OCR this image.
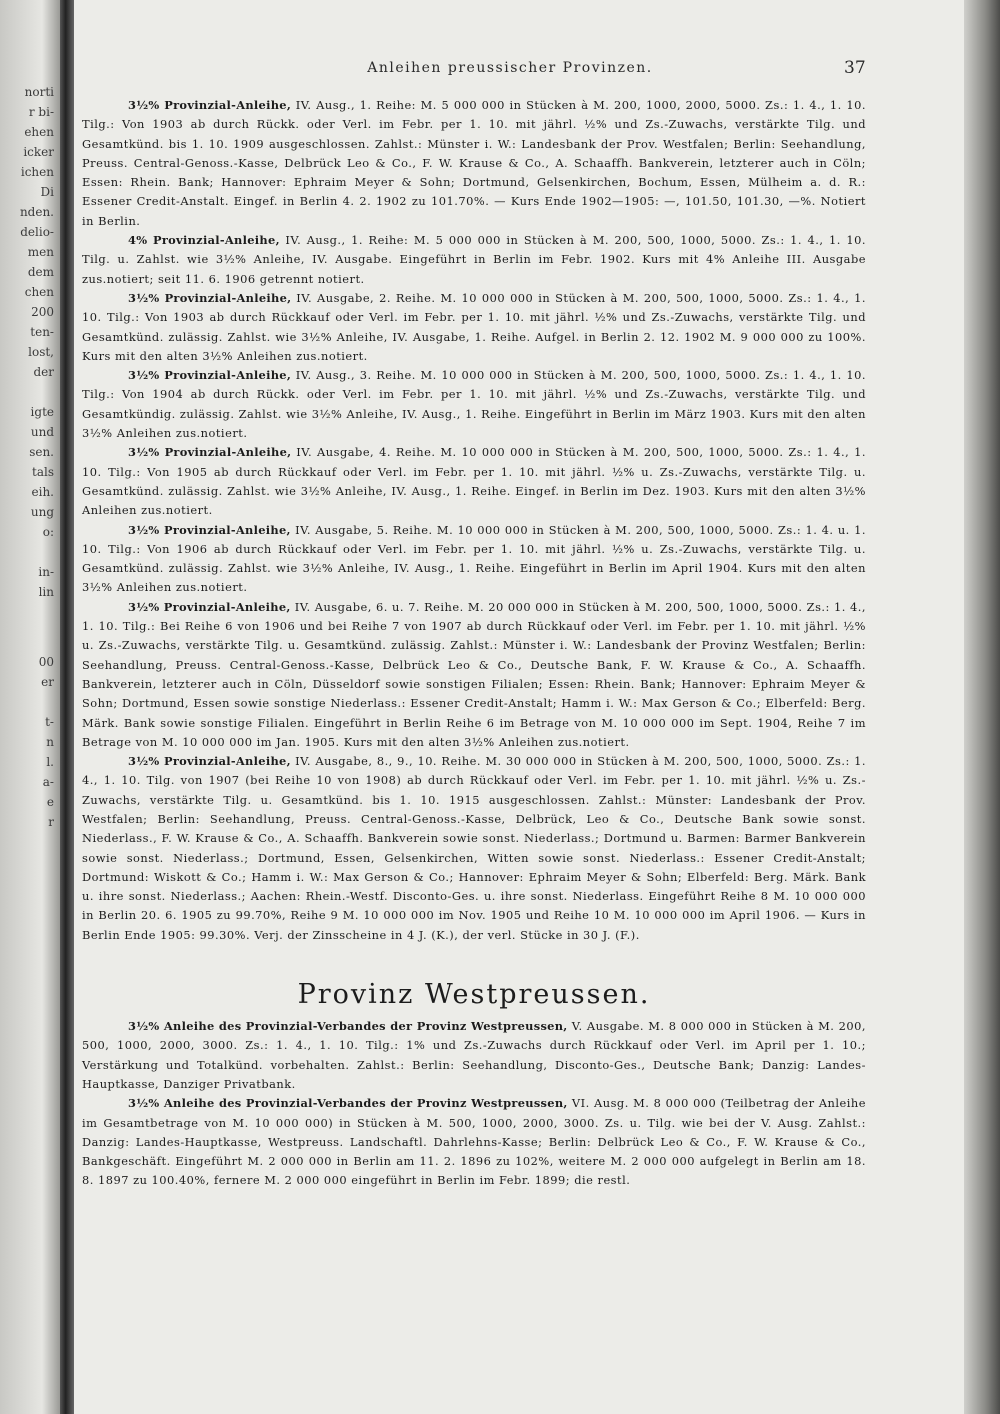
norti
r bi-
ehen
icker
ichen
Di
nden.
delio-
men
dem
chen
200
ten-
lost,
der
igte
und
sen.
tals
eih.
ung
o:
in-
lin
00
er
t-
n
l.
a-
e
r
Anleihen preussischer Provinzen.	37

3½% Provinzial-Anleihe, IV. Ausg., 1. Reihe: M. 5 000 000 in Stücken à M. 200, 1000, 2000, 5000. Zs.: 1. 4., 1. 10. Tilg.: Von 1903 ab durch Rückk. oder Verl. im Febr. per 1. 10. mit jährl. ½% und Zs.-Zuwachs, verstärkte Tilg. und Gesamtkünd. bis 1. 10. 1909 ausgeschlossen. Zahlst.: Münster i. W.: Landesbank der Prov. Westfalen; Berlin: Seehandlung, Preuss. Central-Genoss.-Kasse, Delbrück Leo & Co., F. W. Krause & Co., A. Schaaffh. Bankverein, letzterer auch in Cöln; Essen: Rhein. Bank; Hannover: Ephraim Meyer & Sohn; Dortmund, Gelsenkirchen, Bochum, Essen, Mülheim a. d. R.: Essener Credit-Anstalt. Eingef. in Berlin 4. 2. 1902 zu 101.70%. — Kurs Ende 1902—1905: —, 101.50, 101.30, —%. Notiert in Berlin.

4% Provinzial-Anleihe, IV. Ausg., 1. Reihe: M. 5 000 000 in Stücken à M. 200, 500, 1000, 5000. Zs.: 1. 4., 1. 10. Tilg. u. Zahlst. wie 3½% Anleihe, IV. Ausgabe. Eingeführt in Berlin im Febr. 1902. Kurs mit 4% Anleihe III. Ausgabe zus.notiert; seit 11. 6. 1906 getrennt notiert.

3½% Provinzial-Anleihe, IV. Ausgabe, 2. Reihe. M. 10 000 000 in Stücken à M. 200, 500, 1000, 5000. Zs.: 1. 4., 1. 10. Tilg.: Von 1903 ab durch Rückkauf oder Verl. im Febr. per 1. 10. mit jährl. ½% und Zs.-Zuwachs, verstärkte Tilg. und Gesamtkünd. zulässig. Zahlst. wie 3½% Anleihe, IV. Ausgabe, 1. Reihe. Aufgel. in Berlin 2. 12. 1902 M. 9 000 000 zu 100%. Kurs mit den alten 3½% Anleihen zus.notiert.

3½% Provinzial-Anleihe, IV. Ausg., 3. Reihe. M. 10 000 000 in Stücken à M. 200, 500, 1000, 5000. Zs.: 1. 4., 1. 10. Tilg.: Von 1904 ab durch Rückk. oder Verl. im Febr. per 1. 10. mit jährl. ½% und Zs.-Zuwachs, verstärkte Tilg. und Gesamtkündig. zulässig. Zahlst. wie 3½% Anleihe, IV. Ausg., 1. Reihe. Eingeführt in Berlin im März 1903. Kurs mit den alten 3½% Anleihen zus.notiert.

3½% Provinzial-Anleihe, IV. Ausgabe, 4. Reihe. M. 10 000 000 in Stücken à M. 200, 500, 1000, 5000. Zs.: 1. 4., 1. 10. Tilg.: Von 1905 ab durch Rückkauf oder Verl. im Febr. per 1. 10. mit jährl. ½% u. Zs.-Zuwachs, verstärkte Tilg. u. Gesamtkünd. zulässig. Zahlst. wie 3½% Anleihe, IV. Ausg., 1. Reihe. Eingef. in Berlin im Dez. 1903. Kurs mit den alten 3½% Anleihen zus.notiert.

3½% Provinzial-Anleihe, IV. Ausgabe, 5. Reihe. M. 10 000 000 in Stücken à M. 200, 500, 1000, 5000. Zs.: 1. 4. u. 1. 10. Tilg.: Von 1906 ab durch Rückkauf oder Verl. im Febr. per 1. 10. mit jährl. ½% u. Zs.-Zuwachs, verstärkte Tilg. u. Gesamtkünd. zulässig. Zahlst. wie 3½% Anleihe, IV. Ausg., 1. Reihe. Eingeführt in Berlin im April 1904. Kurs mit den alten 3½% Anleihen zus.notiert.

3½% Provinzial-Anleihe, IV. Ausgabe, 6. u. 7. Reihe. M. 20 000 000 in Stücken à M. 200, 500, 1000, 5000. Zs.: 1. 4., 1. 10. Tilg.: Bei Reihe 6 von 1906 und bei Reihe 7 von 1907 ab durch Rückkauf oder Verl. im Febr. per 1. 10. mit jährl. ½% u. Zs.-Zuwachs, verstärkte Tilg. u. Gesamtkünd. zulässig. Zahlst.: Münster i. W.: Landesbank der Provinz Westfalen; Berlin: Seehandlung, Preuss. Central-Genoss.-Kasse, Delbrück Leo & Co., Deutsche Bank, F. W. Krause & Co., A. Schaaffh. Bankverein, letzterer auch in Cöln, Düsseldorf sowie sonstigen Filialen; Essen: Rhein. Bank; Hannover: Ephraim Meyer & Sohn; Dortmund, Essen sowie sonstige Niederlass.: Essener Credit-Anstalt; Hamm i. W.: Max Gerson & Co.; Elberfeld: Berg. Märk. Bank sowie sonstige Filialen. Eingeführt in Berlin Reihe 6 im Betrage von M. 10 000 000 im Sept. 1904, Reihe 7 im Betrage von M. 10 000 000 im Jan. 1905. Kurs mit den alten 3½% Anleihen zus.notiert.

3½% Provinzial-Anleihe, IV. Ausgabe, 8., 9., 10. Reihe. M. 30 000 000 in Stücken à M. 200, 500, 1000, 5000. Zs.: 1. 4., 1. 10. Tilg. von 1907 (bei Reihe 10 von 1908) ab durch Rückkauf oder Verl. im Febr. per 1. 10. mit jährl. ½% u. Zs.-Zuwachs, verstärkte Tilg. u. Gesamtkünd. bis 1. 10. 1915 ausgeschlossen. Zahlst.: Münster: Landesbank der Prov. Westfalen; Berlin: Seehandlung, Preuss. Central-Genoss.-Kasse, Delbrück, Leo & Co., Deutsche Bank sowie sonst. Niederlass., F. W. Krause & Co., A. Schaaffh. Bankverein sowie sonst. Niederlass.; Dortmund u. Barmen: Barmer Bankverein sowie sonst. Niederlass.; Dortmund, Essen, Gelsenkirchen, Witten sowie sonst. Niederlass.: Essener Credit-Anstalt; Dortmund: Wiskott & Co.; Hamm i. W.: Max Gerson & Co.; Hannover: Ephraim Meyer & Sohn; Elberfeld: Berg. Märk. Bank u. ihre sonst. Niederlass.; Aachen: Rhein.-Westf. Disconto-Ges. u. ihre sonst. Niederlass. Eingeführt Reihe 8 M. 10 000 000 in Berlin 20. 6. 1905 zu 99.70%, Reihe 9 M. 10 000 000 im Nov. 1905 und Reihe 10 M. 10 000 000 im April 1906. — Kurs in Berlin Ende 1905: 99.30%. Verj. der Zinsscheine in 4 J. (K.), der verl. Stücke in 30 J. (F.).

Provinz Westpreussen.

3½% Anleihe des Provinzial-Verbandes der Provinz Westpreussen, V. Ausgabe. M. 8 000 000 in Stücken à M. 200, 500, 1000, 2000, 3000. Zs.: 1. 4., 1. 10. Tilg.: 1% und Zs.-Zuwachs durch Rückkauf oder Verl. im April per 1. 10.; Verstärkung und Totalkünd. vorbehalten. Zahlst.: Berlin: Seehandlung, Disconto-Ges., Deutsche Bank; Danzig: Landes-Hauptkasse, Danziger Privatbank.

3½% Anleihe des Provinzial-Verbandes der Provinz Westpreussen, VI. Ausg. M. 8 000 000 (Teilbetrag der Anleihe im Gesamtbetrage von M. 10 000 000) in Stücken à M. 500, 1000, 2000, 3000. Zs. u. Tilg. wie bei der V. Ausg. Zahlst.: Danzig: Landes-Hauptkasse, Westpreuss. Landschaftl. Dahrlehns-Kasse; Berlin: Delbrück Leo & Co., F. W. Krause & Co., Bankgeschäft. Eingeführt M. 2 000 000 in Berlin am 11. 2. 1896 zu 102%, weitere M. 2 000 000 aufgelegt in Berlin am 18. 8. 1897 zu 100.40%, fernere M. 2 000 000 eingeführt in Berlin im Febr. 1899; die restl.
